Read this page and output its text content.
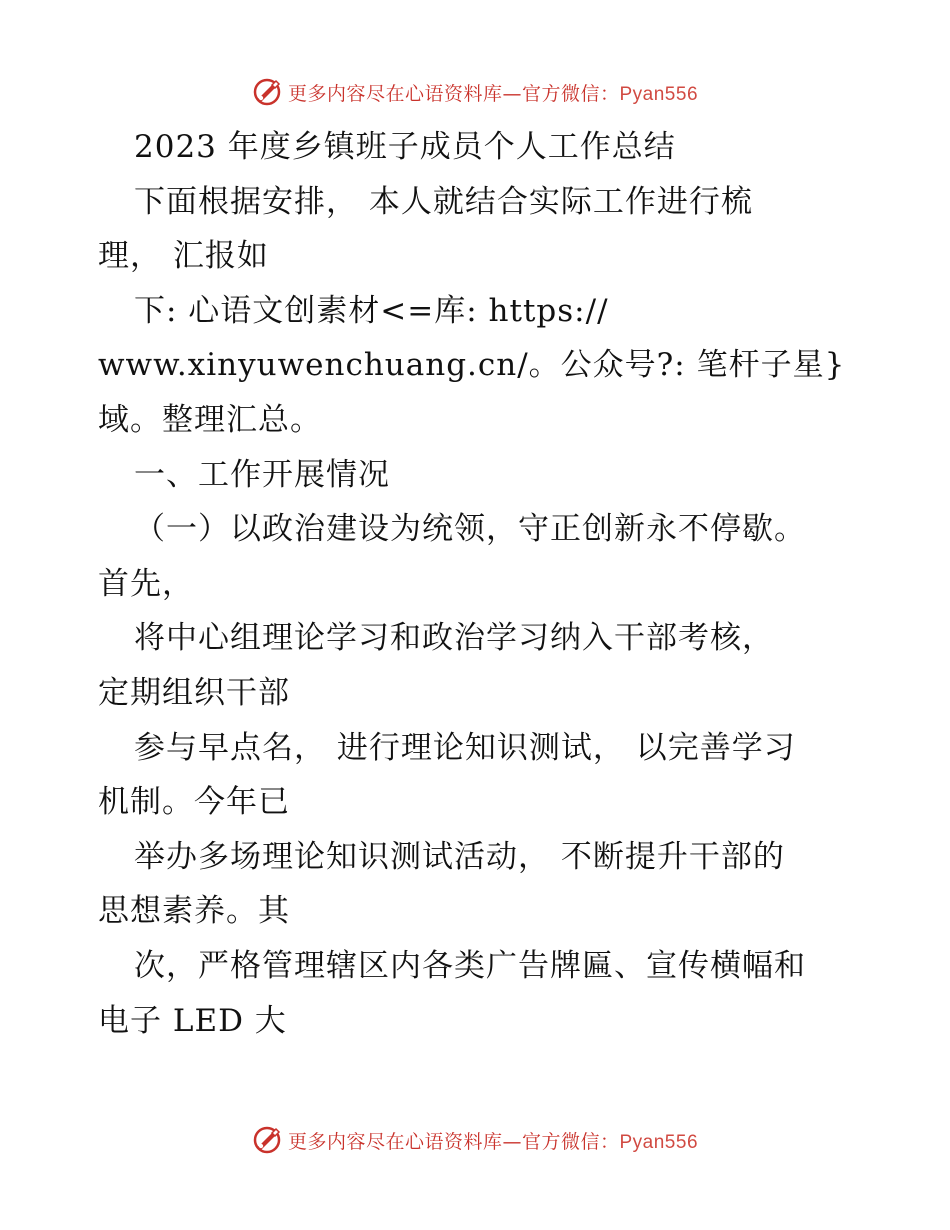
更多内容尽在心语资料库—官方微信：Pyan556
2023 年度乡镇班子成员个人工作总结
下面根据安排， 本人就结合实际工作进行梳
理， 汇报如
下: 心语文创素材<=库: https://
www.xinyuwenchuang.cn/。公众号?: 笔杆子星}
域。整理汇总。
一、工作开展情况
（一）以政治建设为统领，守正创新永不停歇。
首先，
将中心组理论学习和政治学习纳入干部考核，
定期组织干部
参与早点名， 进行理论知识测试， 以完善学习
机制。今年已
举办多场理论知识测试活动， 不断提升干部的
思想素养。其
次，严格管理辖区内各类广告牌匾、宣传横幅和
电子 LED 大
更多内容尽在心语资料库—官方微信：Pyan556
